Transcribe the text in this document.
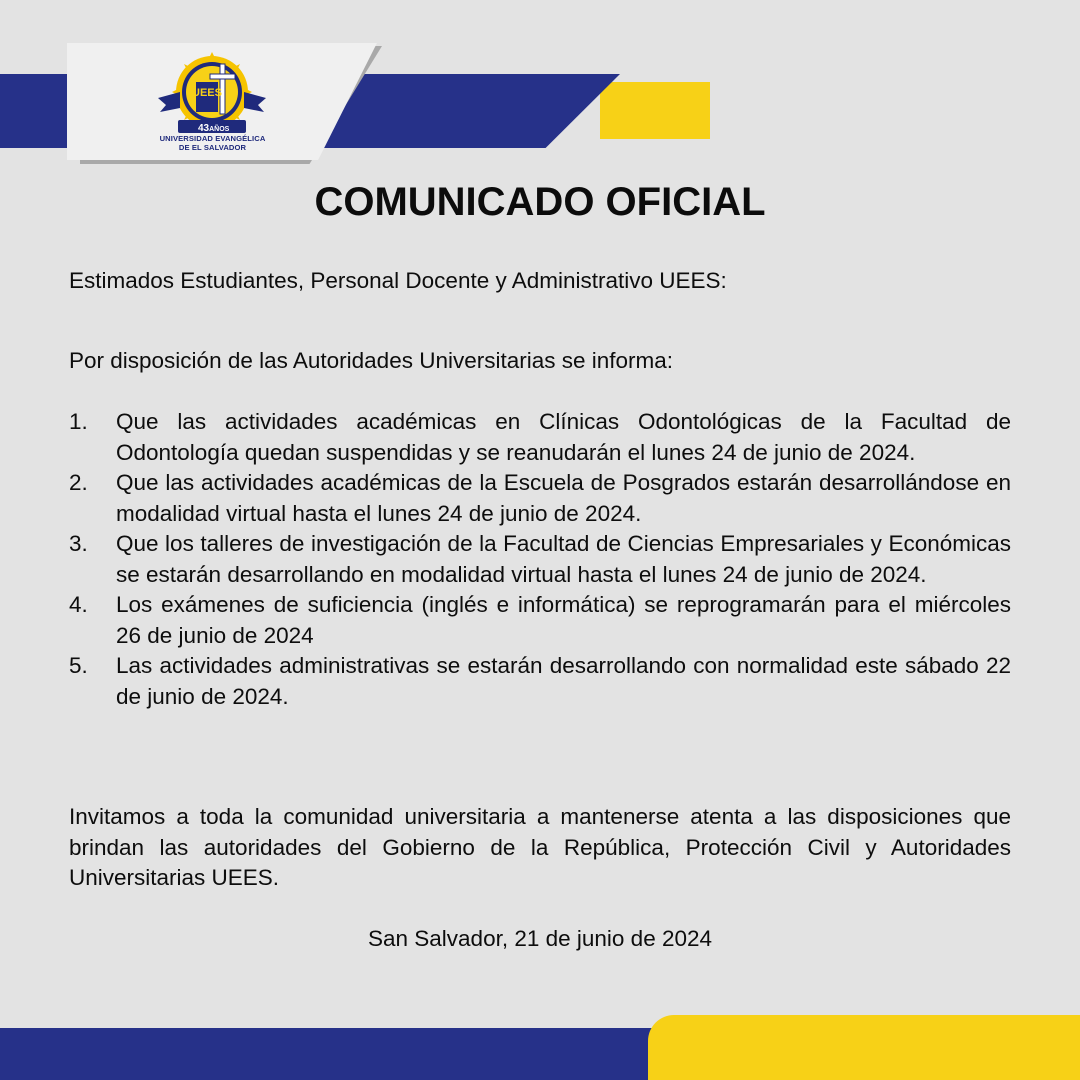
UEES
43AÑOS
UNIVERSIDAD EVANGÉLICA
DE EL SALVADOR
COMUNICADO OFICIAL

Estimados Estudiantes, Personal Docente y Administrativo UEES:

Por disposición de las Autoridades Universitarias se informa:

1. Que las actividades académicas en Clínicas Odontológicas de la Facultad de Odontología quedan suspendidas y se reanudarán el lunes 24 de junio de 2024.
2. Que las actividades académicas de la Escuela de Posgrados estarán desarrollándose en modalidad virtual hasta el lunes 24 de junio de 2024.
3. Que los talleres de investigación de la Facultad de Ciencias Empresariales y Económicas se estarán desarrollando en modalidad virtual hasta el lunes 24 de junio de 2024.
4. Los exámenes de suficiencia (inglés e informática) se reprogramarán para el miércoles 26 de junio de 2024
5. Las actividades administrativas se estarán desarrollando con normalidad este sábado 22 de junio de 2024.

Invitamos a toda la comunidad universitaria a mantenerse atenta a las disposiciones que brindan las autoridades del Gobierno de la República, Protección Civil y Autoridades Universitarias UEES.

San Salvador, 21 de junio de 2024
